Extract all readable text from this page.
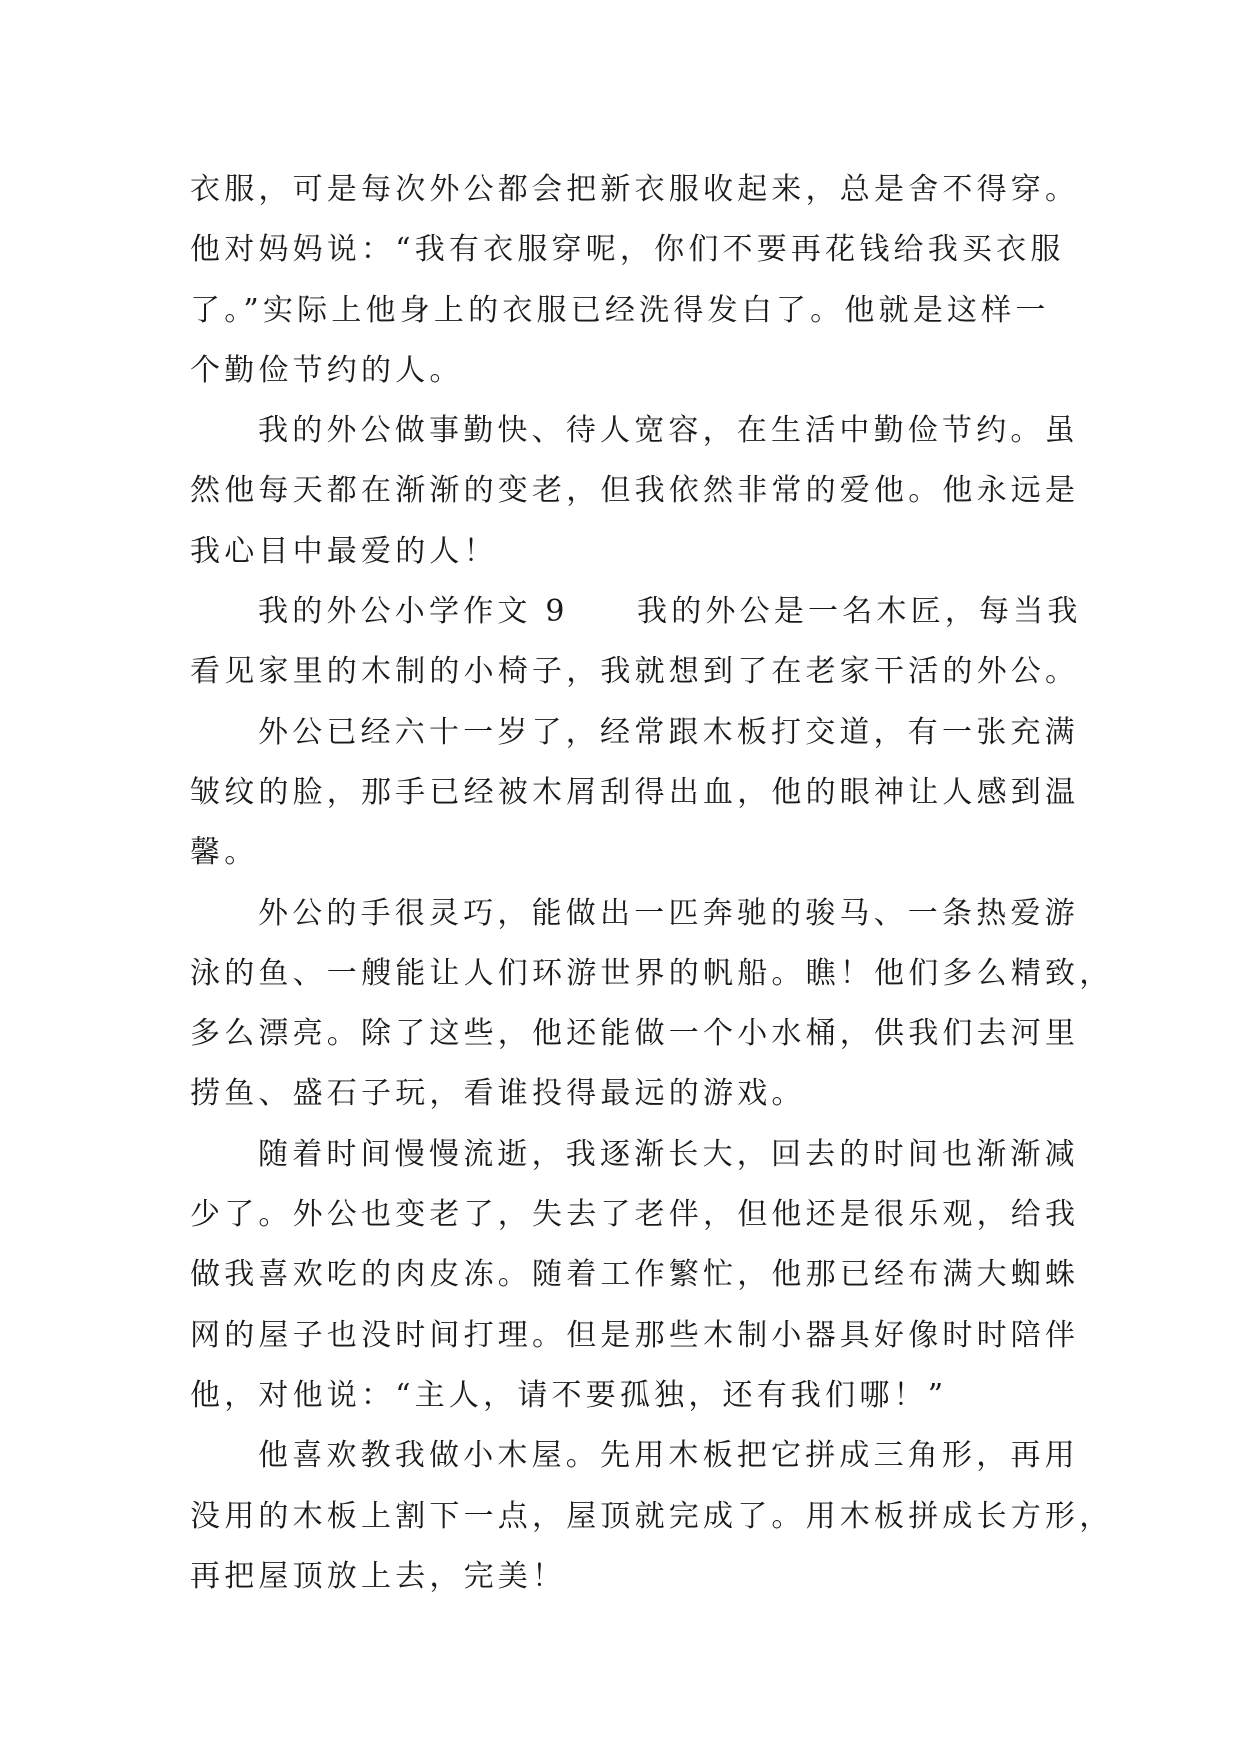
衣服，可是每次外公都会把新衣服收起来，总是舍不得穿。
他对妈妈说：“我有衣服穿呢，你们不要再花钱给我买衣服
了。”实际上他身上的衣服已经洗得发白了。他就是这样一
个勤俭节约的人。
我的外公做事勤快、待人宽容，在生活中勤俭节约。虽
然他每天都在渐渐的变老，但我依然非常的爱他。他永远是
我心目中最爱的人！
我的外公小学作文 9　　我的外公是一名木匠，每当我
看见家里的木制的小椅子，我就想到了在老家干活的外公。
外公已经六十一岁了，经常跟木板打交道，有一张充满
皱纹的脸，那手已经被木屑刮得出血，他的眼神让人感到温
馨。
外公的手很灵巧，能做出一匹奔驰的骏马、一条热爱游
泳的鱼、一艘能让人们环游世界的帆船。瞧！他们多么精致，
多么漂亮。除了这些，他还能做一个小水桶，供我们去河里
捞鱼、盛石子玩，看谁投得最远的游戏。
随着时间慢慢流逝，我逐渐长大，回去的时间也渐渐减
少了。外公也变老了，失去了老伴，但他还是很乐观，给我
做我喜欢吃的肉皮冻。随着工作繁忙，他那已经布满大蜘蛛
网的屋子也没时间打理。但是那些木制小器具好像时时陪伴
他，对他说：“主人，请不要孤独，还有我们哪！”
他喜欢教我做小木屋。先用木板把它拼成三角形，再用
没用的木板上割下一点，屋顶就完成了。用木板拼成长方形，
再把屋顶放上去，完美！
